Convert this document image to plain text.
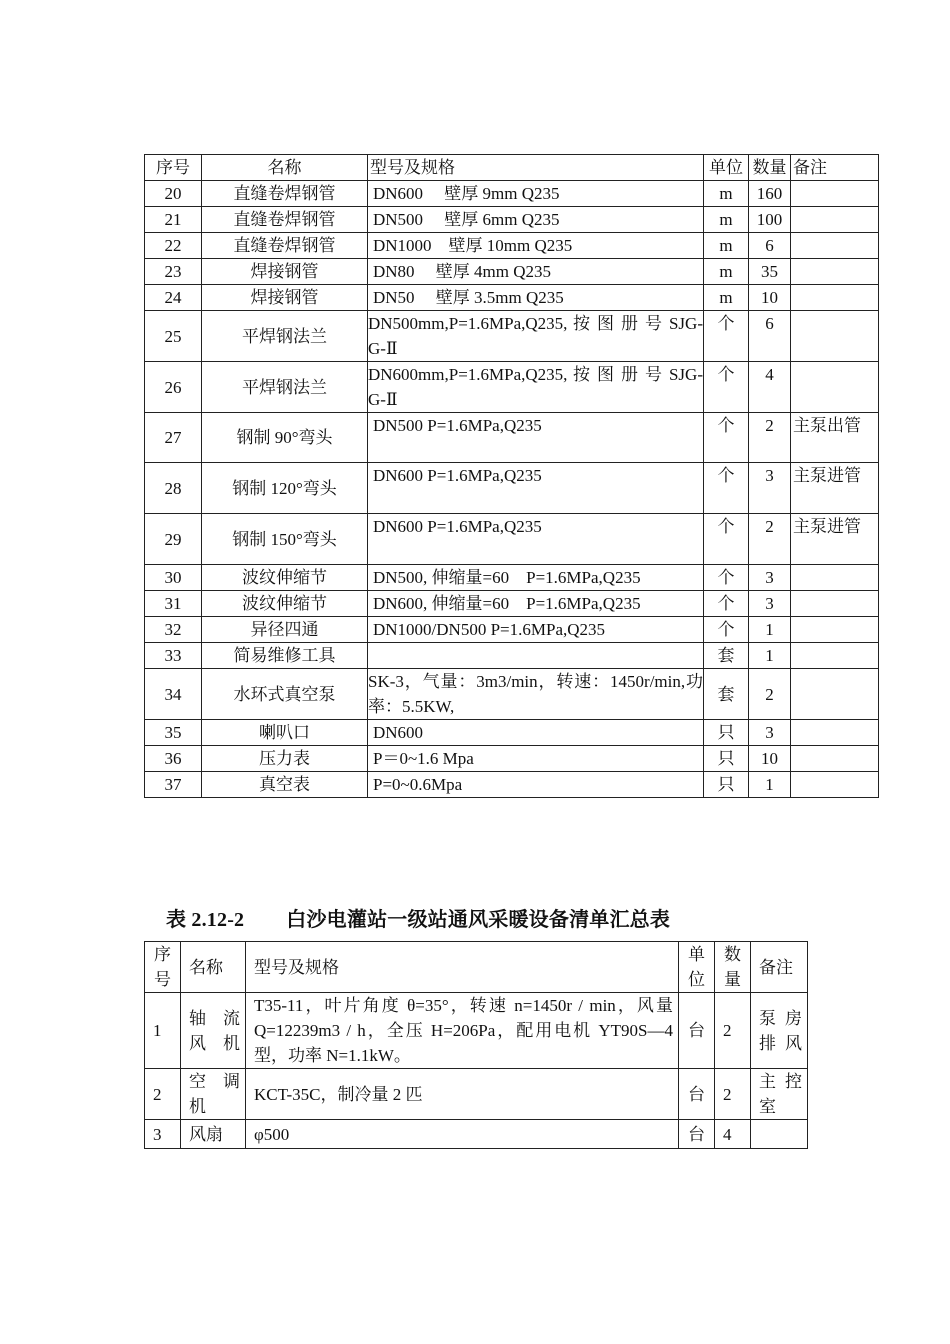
序号	名称	型号及规格	单位	数量	备注
20	直缝卷焊钢管	DN600　 壁厚 9mm Q235	m	160	
21	直缝卷焊钢管	DN500　 壁厚 6mm Q235	m	100	
22	直缝卷焊钢管	DN1000　壁厚 10mm Q235	m	6	
23	焊接钢管	DN80　 壁厚 4mm Q235	m	35	
24	焊接钢管	DN50　 壁厚 3.5mm Q235	m	10	
25	平焊钢法兰	DN500mm,P=1.6MPa,Q235, 按 图 册 号 SJG-G-Ⅱ	个	6	
26	平焊钢法兰	DN600mm,P=1.6MPa,Q235, 按 图 册 号 SJG-G-Ⅱ	个	4	
27	钢制 90°弯头	DN500 P=1.6MPa,Q235	个	2	主泵出管
28	钢制 120°弯头	DN600 P=1.6MPa,Q235	个	3	主泵进管
29	钢制 150°弯头	DN600 P=1.6MPa,Q235	个	2	主泵进管
30	波纹伸缩节	DN500, 伸缩量=60　P=1.6MPa,Q235	个	3	
31	波纹伸缩节	DN600, 伸缩量=60　P=1.6MPa,Q235	个	3	
32	异径四通	DN1000/DN500 P=1.6MPa,Q235	个	1	
33	简易维修工具		套	1	
34	水环式真空泵	SK-3，气量：3m3/min，转速：1450r/min,功率：5.5KW,	套	2	
35	喇叭口	DN600	只	3	
36	压力表	P＝0~1.6 Mpa	只	10	
37	真空表	P=0~0.6Mpa	只	1	
表 2.12-2 白沙电灌站一级站通风采暖设备清单汇总表
序号	名称	型号及规格	单位	数量	备注
1	轴 流 风机	T35-11，叶片角度 θ=35°，转速 n=1450r / min，风量 Q=12239m3 / h，全压 H=206Pa，配用电机 YT90S—4 型，功率 N=1.1kW。	台	2	泵房排风
2	空 调 机	KCT-35C，制冷量 2 匹	台	2	主控室
3	风扇	φ500	台	4	
